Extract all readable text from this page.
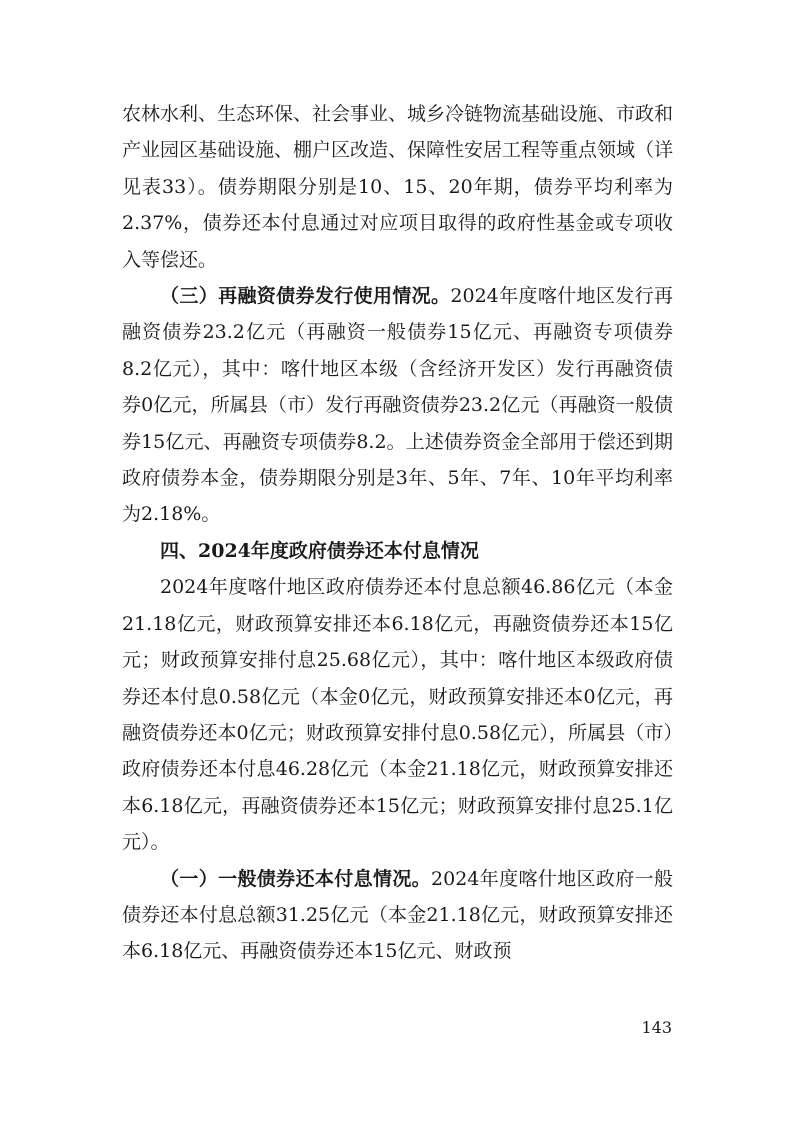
农林水利、生态环保、社会事业、城乡冷链物流基础设施、市政和产业园区基础设施、棚户区改造、保障性安居工程等重点领域（详见表33）。债券期限分别是10、15、20年期，债券平均利率为2.37%，债券还本付息通过对应项目取得的政府性基金或专项收入等偿还。

（三）再融资债券发行使用情况。2024年度喀什地区发行再融资债券23.2亿元（再融资一般债券15亿元、再融资专项债券8.2亿元），其中：喀什地区本级（含经济开发区）发行再融资债券0亿元，所属县（市）发行再融资债券23.2亿元（再融资一般债券15亿元、再融资专项债券8.2。上述债券资金全部用于偿还到期政府债券本金，债券期限分别是3年、5年、7年、10年平均利率为2.18%。

四、2024年度政府债券还本付息情况

2024年度喀什地区政府债券还本付息总额46.86亿元（本金21.18亿元，财政预算安排还本6.18亿元，再融资债券还本15亿元；财政预算安排付息25.68亿元），其中：喀什地区本级政府债券还本付息0.58亿元（本金0亿元，财政预算安排还本0亿元，再融资债券还本0亿元；财政预算安排付息0.58亿元），所属县（市）政府债券还本付息46.28亿元（本金21.18亿元，财政预算安排还本6.18亿元，再融资债券还本15亿元；财政预算安排付息25.1亿元）。

（一）一般债券还本付息情况。2024年度喀什地区政府一般债券还本付息总额31.25亿元（本金21.18亿元，财政预算安排还本6.18亿元、再融资债券还本15亿元、财政预

143
